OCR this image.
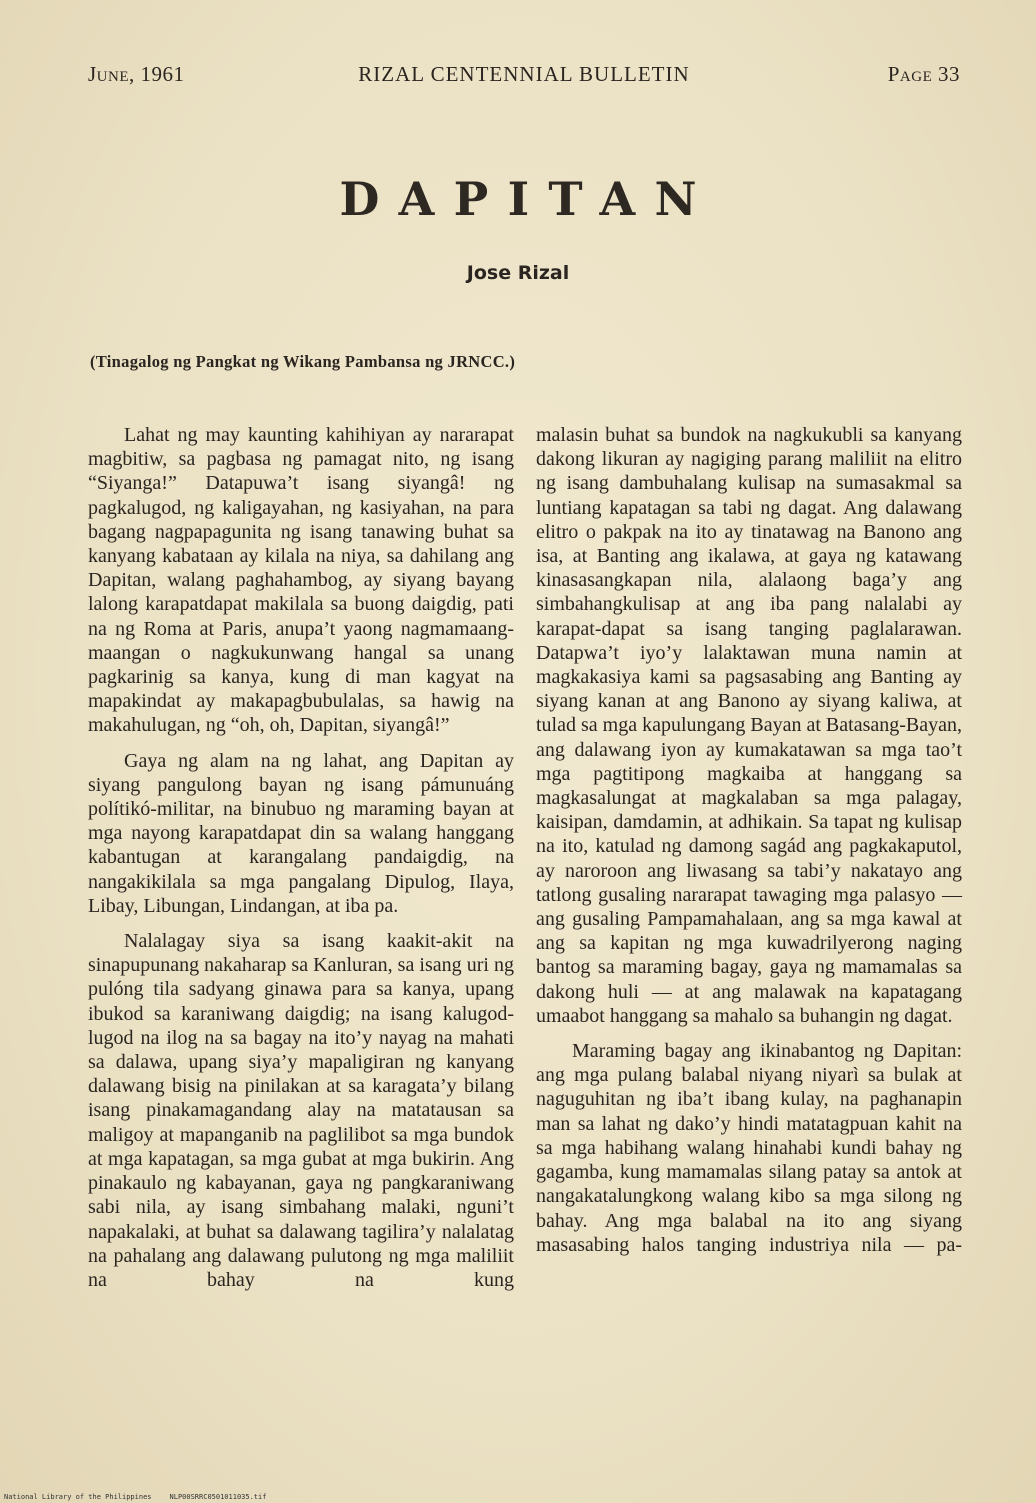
June, 1961	RIZAL CENTENNIAL BULLETIN	Page 33
DAPITAN
Jose Rizal
(Tinagalog ng Pangkat ng Wikang Pambansa ng JRNCC.)

Lahat ng may kaunting kahihiyan ay nararapat magbitiw, sa pagbasa ng pamagat nito, ng isang “Siyanga!” Datapuwa’t isang siyangâ! ng pagkalugod, ng kaligayahan, ng kasiyahan, na para bagang nagpapagunita ng isang tanawing buhat sa kanyang kabataan ay kilala na niya, sa dahilang ang Dapitan, walang paghahambog, ay siyang bayang lalong karapatdapat makilala sa buong daigdig, pati na ng Roma at Paris, anupa’t yaong nagmamaang-maangan o nagkukunwang hangal sa unang pagkarinig sa kanya, kung di man kagyat na mapakindat ay makapagbubulalas, sa hawig na makahulugan, ng “oh, oh, Dapitan, siyangâ!”

Gaya ng alam na ng lahat, ang Dapitan ay siyang pangulong bayan ng isang pámunuáng polítikó-militar, na binubuo ng maraming bayan at mga nayong karapatdapat din sa walang hanggang kabantugan at karangalang pandaigdig, na nangakikilala sa mga pangalang Dipulog, Ilaya, Libay, Libungan, Lindangan, at iba pa.

Nalalagay siya sa isang kaakit-akit na sinapupunang nakaharap sa Kanluran, sa isang uri ng pulóng tila sadyang ginawa para sa kanya, upang ibukod sa karaniwang daigdig; na isang kalugod-lugod na ilog na sa bagay na ito’y nayag na mahati sa dalawa, upang siya’y mapaligiran ng kanyang dalawang bisig na pinilakan at sa karagata’y bilang isang pinakamagandang alay na matatausan sa maligoy at mapanganib na paglilibot sa mga bundok at mga kapatagan, sa mga gubat at mga bukirin. Ang pinakaulo ng kabayanan, gaya ng pangkaraniwang sabi nila, ay isang simbahang malaki, nguni’t napakalaki, at buhat sa dalawang tagilira’y nalalatag na pahalang ang dalawang pulutong ng mga maliliit na bahay na kung

malasin buhat sa bundok na nagkukubli sa kanyang dakong likuran ay nagiging parang maliliit na elitro ng isang dambuhalang kulisap na sumasakmal sa luntiang kapatagan sa tabi ng dagat. Ang dalawang elitro o pakpak na ito ay tinatawag na Banono ang isa, at Banting ang ikalawa, at gaya ng katawang kinasasangkapan nila, alalaong baga’y ang simbahangkulisap at ang iba pang nalalabi ay karapat-dapat sa isang tanging paglalarawan. Datapwa’t iyo’y lalaktawan muna namin at magkakasiya kami sa pagsasabing ang Banting ay siyang kanan at ang Banono ay siyang kaliwa, at tulad sa mga kapulungang Bayan at Batasang-Bayan, ang dalawang iyon ay kumakatawan sa mga tao’t mga pagtitipong magkaiba at hanggang sa magkasalungat at magkalaban sa mga palagay, kaisipan, damdamin, at adhikain. Sa tapat ng kulisap na ito, katulad ng damong sagád ang pagkakaputol, ay naroroon ang liwasang sa tabi’y nakatayo ang tatlong gusaling nararapat tawaging mga palasyo — ang gusaling Pampamahalaan, ang sa mga kawal at ang sa kapitan ng mga kuwadrilyerong naging bantog sa maraming bagay, gaya ng mamamalas sa dakong huli — at ang malawak na kapatagang umaabot hanggang sa mahalo sa buhangin ng dagat.

Maraming bagay ang ikinabantog ng Dapitan: ang mga pulang balabal niyang niyarì sa bulak at naguguhitan ng iba’t ibang kulay, na paghanapin man sa lahat ng dako’y hindi matatagpuan kahit na sa mga habihang walang hinahabi kundi bahay ng gagamba, kung mamamalas silang patay sa antok at nangakatalungkong walang kibo sa mga silong ng bahay. Ang mga balabal na ito ang siyang masasabing halos tanging industriya nila — pa-

National Library of the Philippines	NLP00SRRC0501011035.tif
